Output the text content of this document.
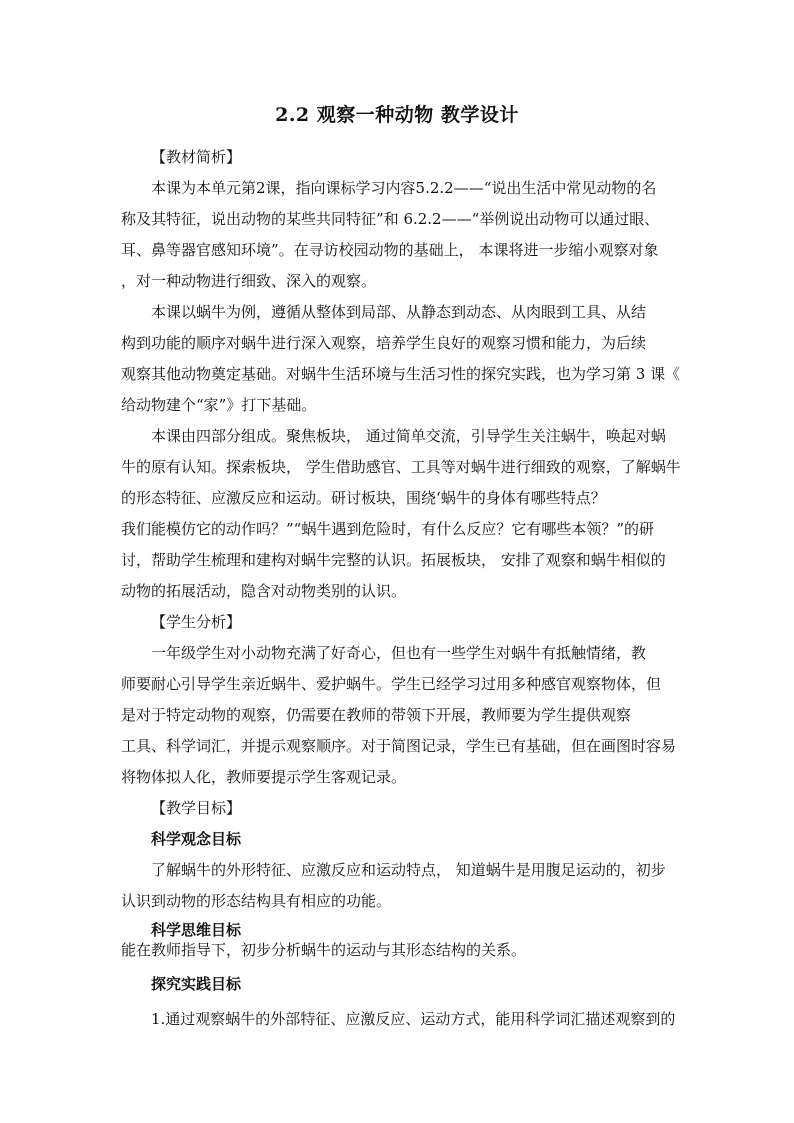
2.2 观察一种动物 教学设计
【教材简析】
本课为本单元第2课，指向课标学习内容5.2.2——“说出生活中常见动物的名
称及其特征，说出动物的某些共同特征”和 6.2.2——“举例说出动物可以通过眼、
耳、鼻等器官感知环境”。在寻访校园动物的基础上， 本课将进一步缩小观察对象
，对一种动物进行细致、深入的观察。
本课以蜗牛为例，遵循从整体到局部、从静态到动态、从肉眼到工具、从结
构到功能的顺序对蜗牛进行深入观察，培养学生良好的观察习惯和能力，为后续
观察其他动物奠定基础。对蜗牛生活环境与生活习性的探究实践，也为学习第 3 课《
给动物建个“家”》打下基础。
本课由四部分组成。聚焦板块， 通过简单交流，引导学生关注蜗牛，唤起对蜗
牛的原有认知。探索板块， 学生借助感官、工具等对蜗牛进行细致的观察，了解蜗牛
的形态特征、应激反应和运动。研讨板块，围绕‘蜗牛的身体有哪些特点？
我们能模仿它的动作吗？”“蜗牛遇到危险时，有什么反应？它有哪些本领？”的研
讨，帮助学生梳理和建构对蜗牛完整的认识。拓展板块， 安排了观察和蜗牛相似的
动物的拓展活动，隐含对动物类别的认识。
【学生分析】
一年级学生对小动物充满了好奇心，但也有一些学生对蜗牛有抵触情绪，教
师要耐心引导学生亲近蜗牛、爱护蜗牛。学生已经学习过用多种感官观察物体，但
是对于特定动物的观察，仍需要在教师的带领下开展，教师要为学生提供观察
工具、科学词汇，并提示观察顺序。对于简图记录，学生已有基础，但在画图时容易
将物体拟人化，教师要提示学生客观记录。
【教学目标】
科学观念目标
了解蜗牛的外形特征、应激反应和运动特点， 知道蜗牛是用腹足运动的，初步
认识到动物的形态结构具有相应的功能。
科学思维目标
能在教师指导下，初步分析蜗牛的运动与其形态结构的关系。
探究实践目标
1.通过观察蜗牛的外部特征、应激反应、运动方式，能用科学词汇描述观察到的
